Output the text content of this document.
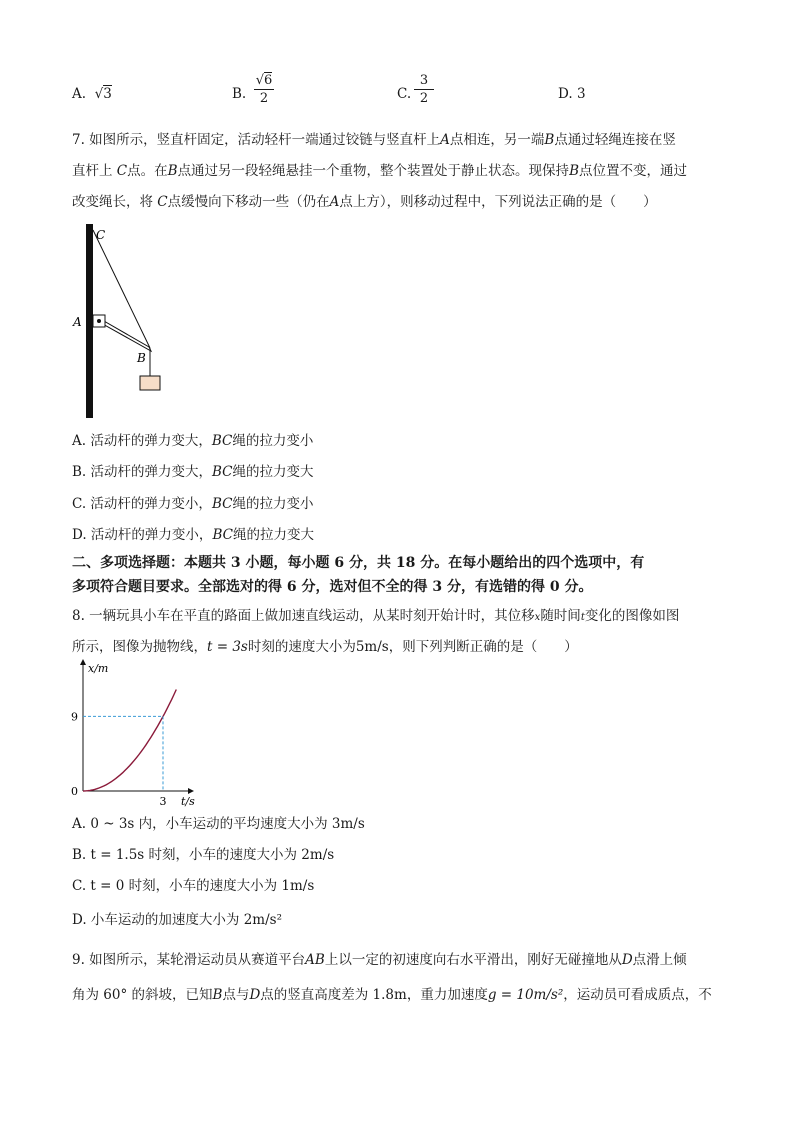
A. √3	B.
√6
2	C.
3
2	D. 3
7. 如图所示，竖直杆固定，活动轻杆一端通过铰链与竖直杆上A点相连，另一端B点通过轻绳连接在竖
直杆上 C点。在B点通过另一段轻绳悬挂一个重物，整个装置处于静止状态。现保持B点位置不变，通过
改变绳长，将 C点缓慢向下移动一些（仍在A点上方），则移动过程中，下列说法正确的是（　　）
C
A
B
A. 活动杆的弹力变大，BC绳的拉力变小
B. 活动杆的弹力变大，BC绳的拉力变大
C. 活动杆的弹力变小，BC绳的拉力变小
D. 活动杆的弹力变小，BC绳的拉力变大
二、多项选择题：本题共 3 小题，每小题 6 分，共 18 分。在每小题给出的四个选项中，有
多项符合题目要求。全部选对的得 6 分，选对但不全的得 3 分，有选错的得 0 分。
8. 一辆玩具小车在平直的路面上做加速直线运动，从某时刻开始计时，其位移x随时间t变化的图像如图
所示，图像为抛物线，t = 3s时刻的速度大小为5m/s，则下列判断正确的是（　　）
x/m
t/s
9
3
0
A. 0 ~ 3s 内，小车运动的平均速度大小为 3m/s
B. t = 1.5s 时刻，小车的速度大小为 2m/s
C. t = 0 时刻，小车的速度大小为 1m/s
D. 小车运动的加速度大小为 2m/s²
9. 如图所示，某轮滑运动员从赛道平台AB上以一定的初速度向右水平滑出，刚好无碰撞地从D点滑上倾
角为 60° 的斜坡，已知B点与D点的竖直高度差为 1.8m，重力加速度g = 10m/s²，运动员可看成质点，不
